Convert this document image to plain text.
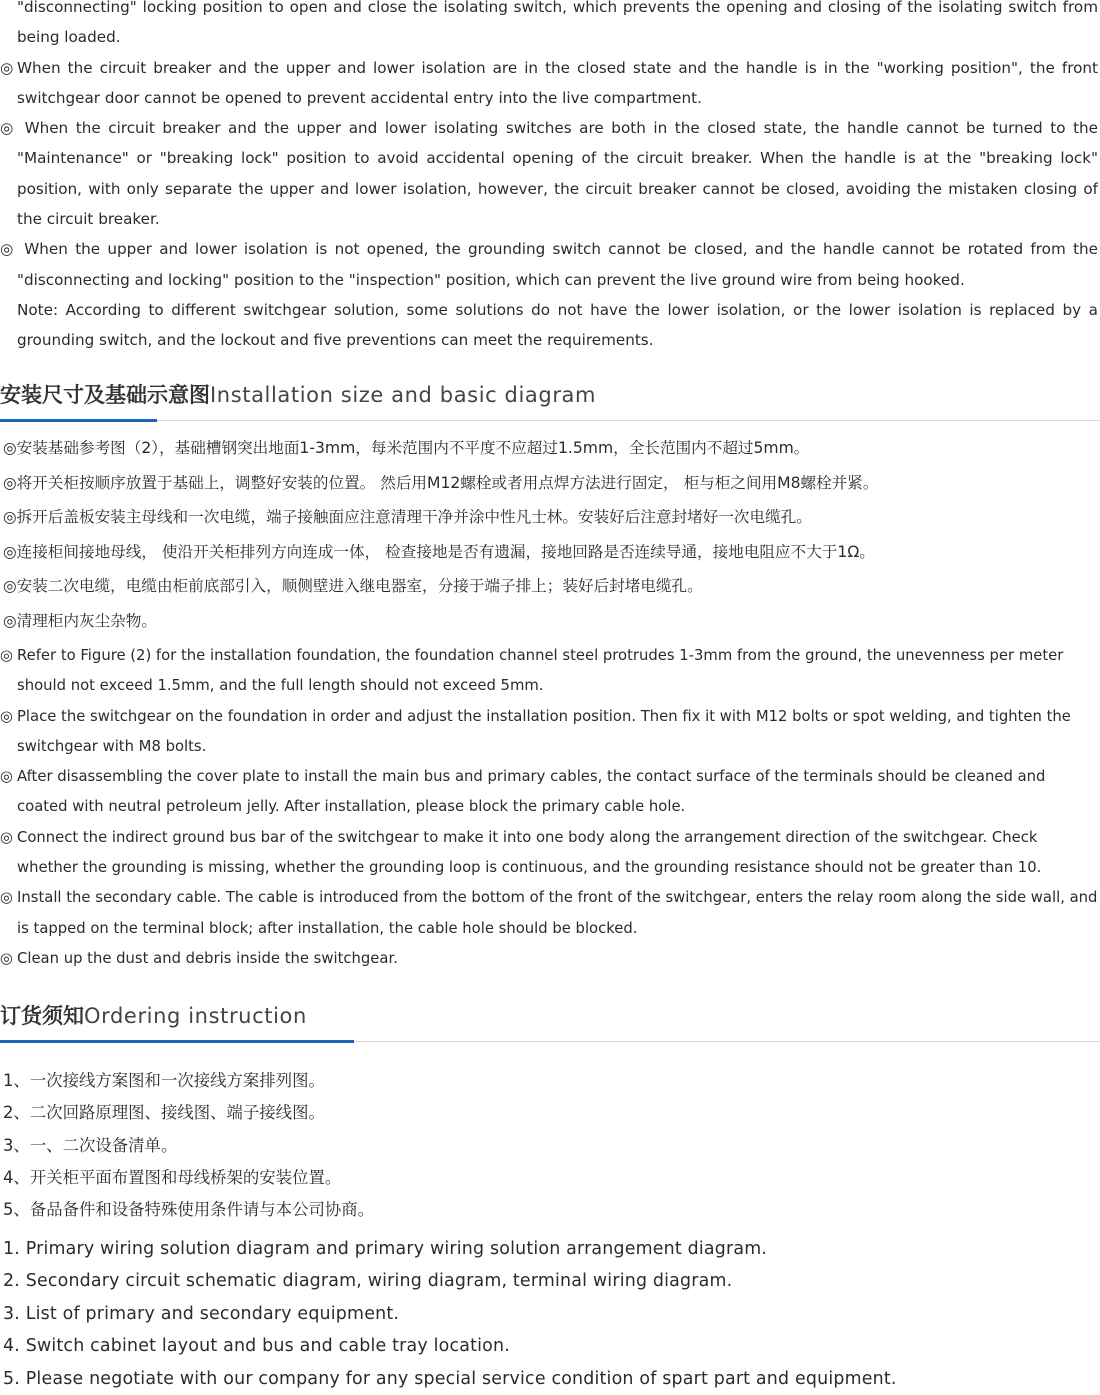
"disconnecting" locking position to open and close the isolating switch, which prevents the opening and closing of the isolating switch from being loaded.

◎ When the circuit breaker and the upper and lower isolation are in the closed state and the handle is in the "working position", the front switchgear door cannot be opened to prevent accidental entry into the live compartment.

◎ When the circuit breaker and the upper and lower isolating switches are both in the closed state, the handle cannot be turned to the "Maintenance" or "breaking lock" position to avoid accidental opening of the circuit breaker. When the handle is at the "breaking lock" position, with only separate the upper and lower isolation, however, the circuit breaker cannot be closed, avoiding the mistaken closing of the circuit breaker.

◎ When the upper and lower isolation is not opened, the grounding switch cannot be closed, and the handle cannot be rotated from the "disconnecting and locking" position to the "inspection" position, which can prevent the live ground wire from being hooked.

Note: According to different switchgear solution, some solutions do not have the lower isolation, or the lower isolation is replaced by a grounding switch, and the lockout and five preventions can meet the requirements.

安装尺寸及基础示意图Installation size and basic diagram
◎安装基础参考图（2），基础槽钢突出地面1-3mm，每米范围内不平度不应超过1.5mm，全长范围内不超过5mm。
◎将开关柜按顺序放置于基础上，调整好安装的位置。 然后用M12螺栓或者用点焊方法进行固定， 柜与柜之间用M8螺栓并紧。
◎拆开后盖板安装主母线和一次电缆，端子接触面应注意清理干净并涂中性凡士林。安装好后注意封堵好一次电缆孔。
◎连接柜间接地母线， 使沿开关柜排列方向连成一体， 检查接地是否有遗漏，接地回路是否连续导通，接地电阻应不大于1Ω。
◎安装二次电缆，电缆由柜前底部引入，顺侧壁进入继电器室，分接于端子排上；装好后封堵电缆孔。
◎清理柜内灰尘杂物。

◎ Refer to Figure (2) for the installation foundation, the foundation channel steel protrudes 1-3mm from the ground, the unevenness per meter should not exceed 1.5mm, and the full length should not exceed 5mm.

◎ Place the switchgear on the foundation in order and adjust the installation position. Then fix it with M12 bolts or spot welding, and tighten the switchgear with M8 bolts.

◎ After disassembling the cover plate to install the main bus and primary cables, the contact surface of the terminals should be cleaned and coated with neutral petroleum jelly. After installation, please block the primary cable hole.

◎ Connect the indirect ground bus bar of the switchgear to make it into one body along the arrangement direction of the switchgear. Check whether the grounding is missing, whether the grounding loop is continuous, and the grounding resistance should not be greater than 10.

◎ Install the secondary cable. The cable is introduced from the bottom of the front of the switchgear, enters the relay room along the side wall, and is tapped on the terminal block; after installation, the cable hole should be blocked.

◎ Clean up the dust and debris inside the switchgear.

订货须知Ordering instruction
1、一次接线方案图和一次接线方案排列图。
2、二次回路原理图、接线图、端子接线图。
3、一、二次设备清单。
4、开关柜平面布置图和母线桥架的安装位置。
5、备品备件和设备特殊使用条件请与本公司协商。
1. Primary wiring solution diagram and primary wiring solution arrangement diagram.
2. Secondary circuit schematic diagram, wiring diagram, terminal wiring diagram.
3. List of primary and secondary equipment.
4. Switch cabinet layout and bus and cable tray location.
5. Please negotiate with our company for any special service condition of spart part and equipment.
